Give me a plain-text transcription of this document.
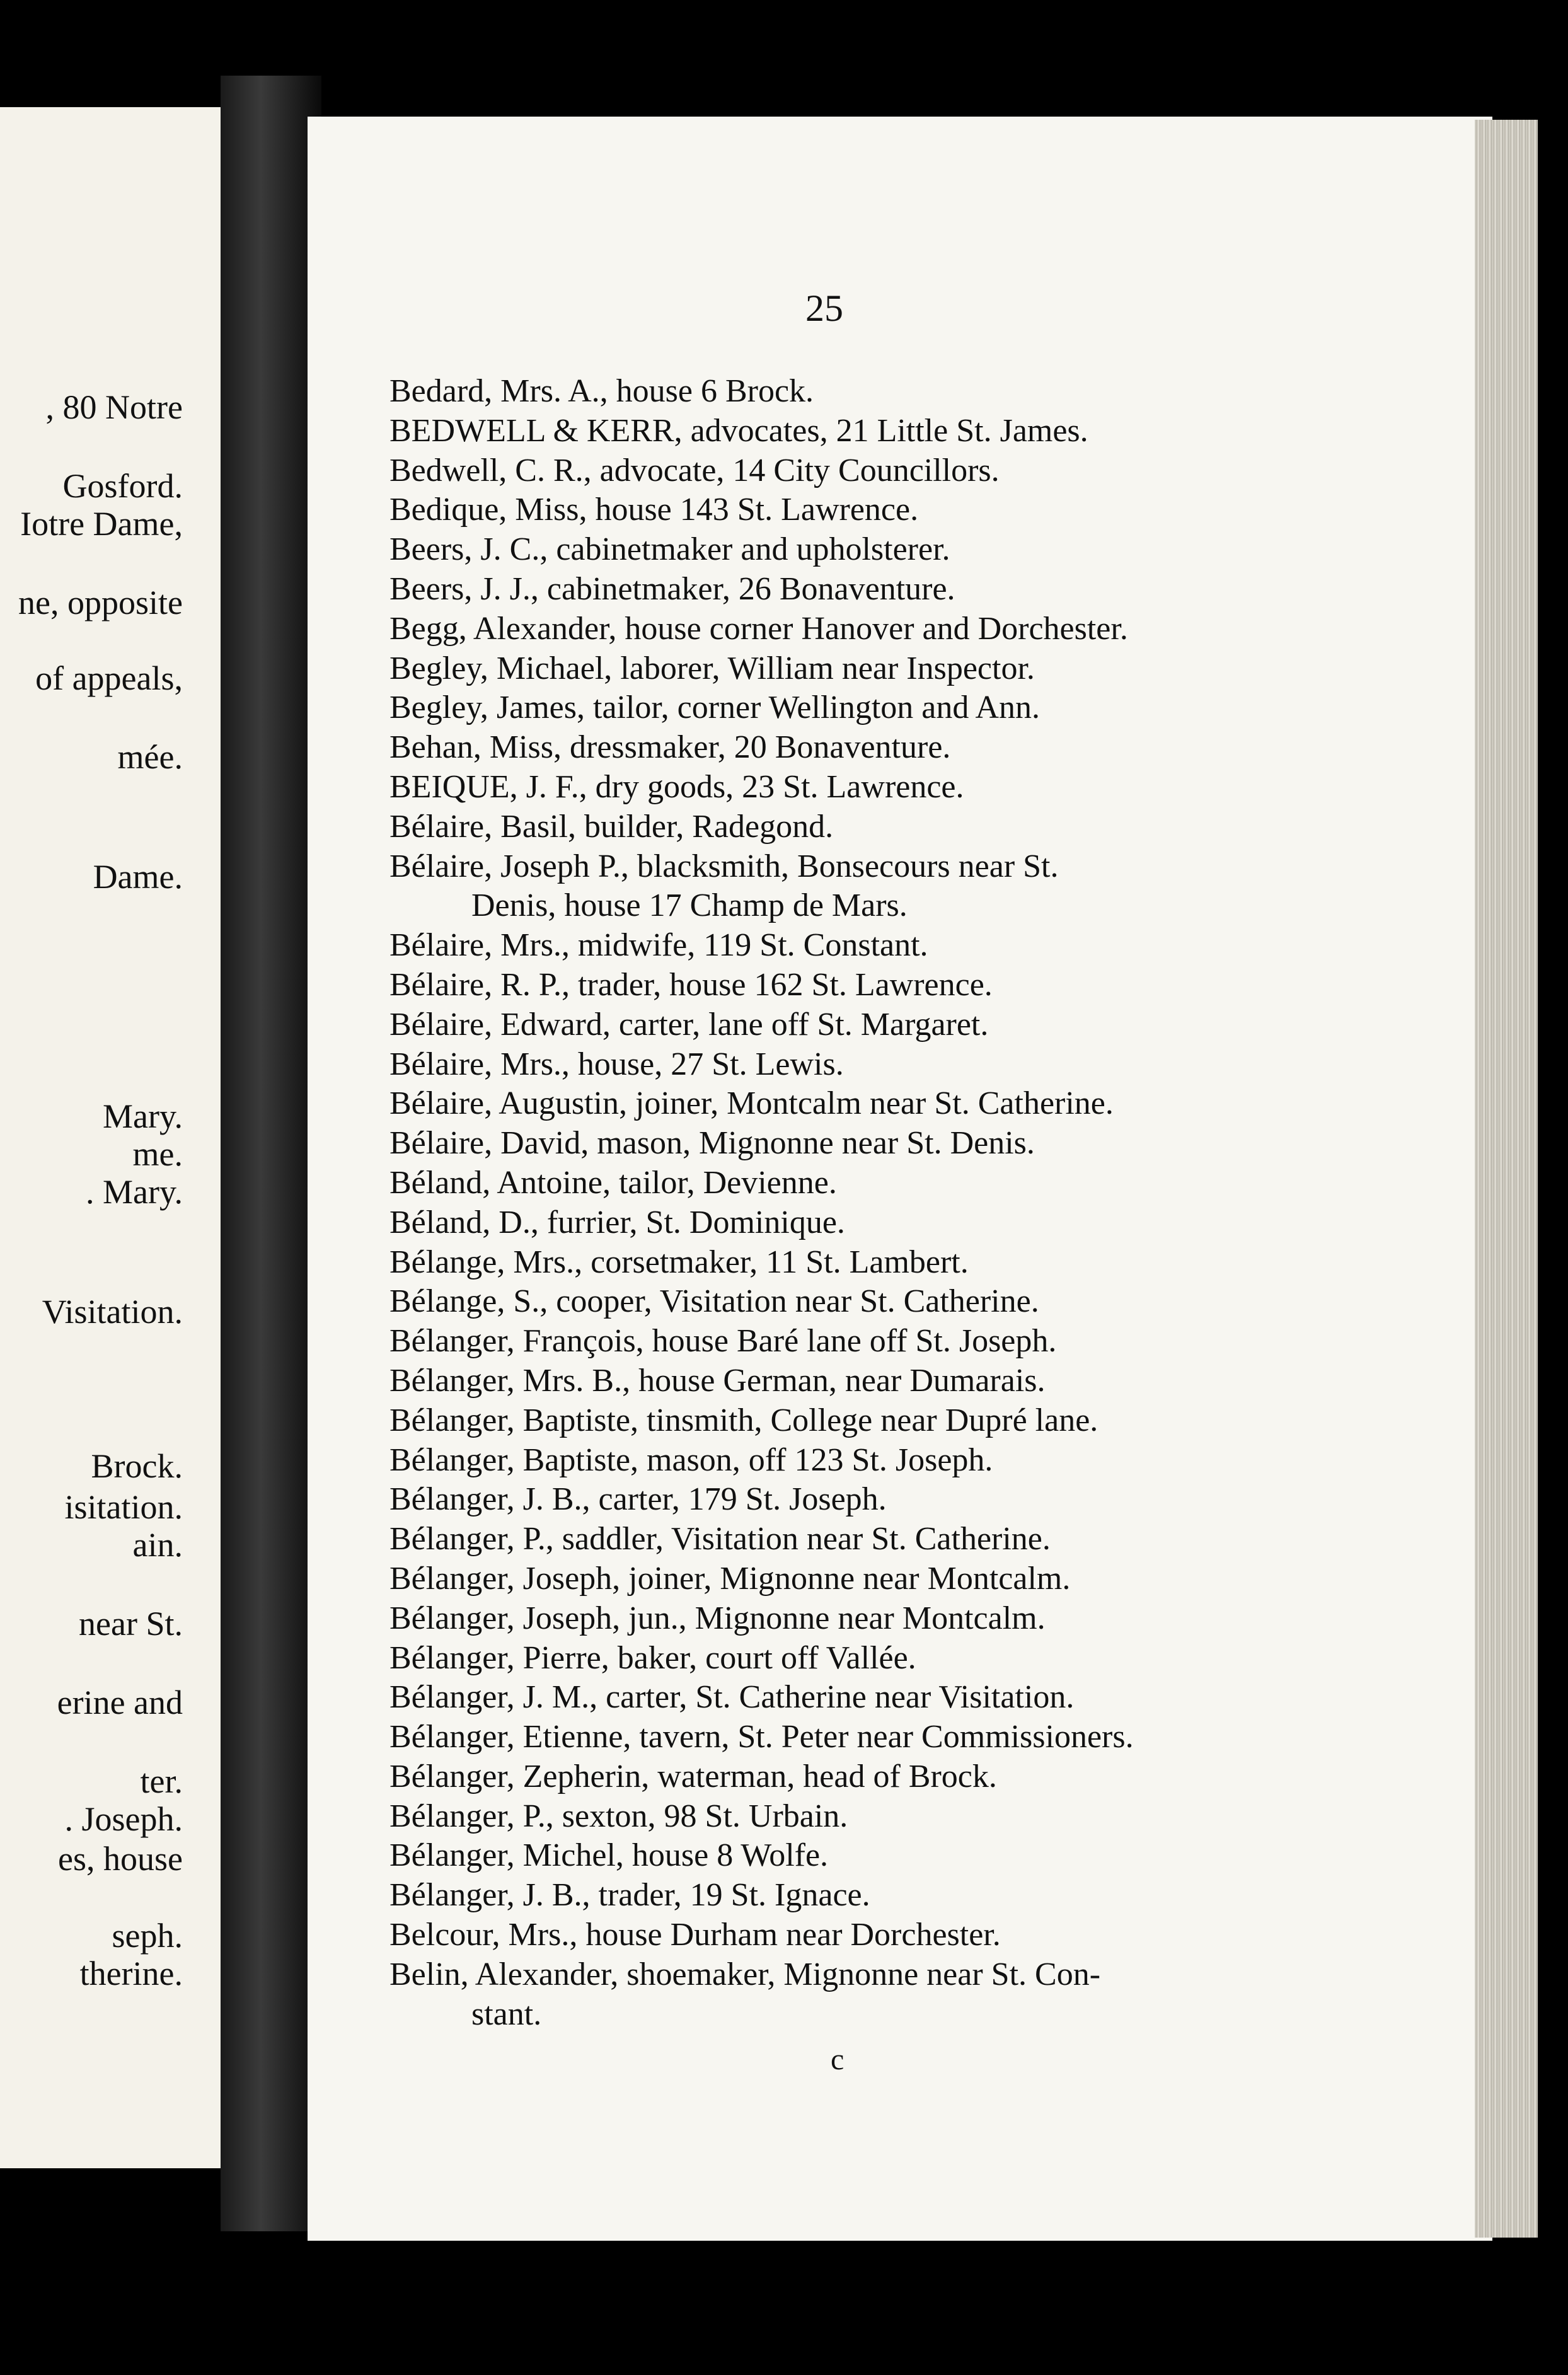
, 80 Notre
Gosford.
Iotre Dame,
ne, opposite
of appeals,
mée.
Dame.
Mary.
me.
. Mary.
Visitation.
Brock.
isitation.
ain.
near St.
erine and
ter.
. Joseph.
es, house
seph.
therine.
25
Bedard, Mrs. A., house 6 Brock.
BEDWELL & KERR, advocates, 21 Little St. James.
Bedwell, C. R., advocate, 14 City Councillors.
Bedique, Miss, house 143 St. Lawrence.
Beers, J. C., cabinetmaker and upholsterer.
Beers, J. J., cabinetmaker, 26 Bonaventure.
Begg, Alexander, house corner Hanover and Dorchester.
Begley, Michael, laborer, William near Inspector.
Begley, James, tailor, corner Wellington and Ann.
Behan, Miss, dressmaker, 20 Bonaventure.
BEIQUE, J. F., dry goods, 23 St. Lawrence.
Bélaire, Basil, builder, Radegond.
Bélaire, Joseph P., blacksmith, Bonsecours near St.
Denis, house 17 Champ de Mars.
Bélaire, Mrs., midwife, 119 St. Constant.
Bélaire, R. P., trader, house 162 St. Lawrence.
Bélaire, Edward, carter, lane off St. Margaret.
Bélaire, Mrs., house, 27 St. Lewis.
Bélaire, Augustin, joiner, Montcalm near St. Catherine.
Bélaire, David, mason, Mignonne near St. Denis.
Béland, Antoine, tailor, Devienne.
Béland, D., furrier, St. Dominique.
Bélange, Mrs., corsetmaker, 11 St. Lambert.
Bélange, S., cooper, Visitation near St. Catherine.
Bélanger, François, house Baré lane off St. Joseph.
Bélanger, Mrs. B., house German, near Dumarais.
Bélanger, Baptiste, tinsmith, College near Dupré lane.
Bélanger, Baptiste, mason, off 123 St. Joseph.
Bélanger, J. B., carter, 179 St. Joseph.
Bélanger, P., saddler, Visitation near St. Catherine.
Bélanger, Joseph, joiner, Mignonne near Montcalm.
Bélanger, Joseph, jun., Mignonne near Montcalm.
Bélanger, Pierre, baker, court off Vallée.
Bélanger, J. M., carter, St. Catherine near Visitation.
Bélanger, Etienne, tavern, St. Peter near Commissioners.
Bélanger, Zepherin, waterman, head of Brock.
Bélanger, P., sexton, 98 St. Urbain.
Bélanger, Michel, house 8 Wolfe.
Bélanger, J. B., trader, 19 St. Ignace.
Belcour, Mrs., house Durham near Dorchester.
Belin, Alexander, shoemaker, Mignonne near St. Con-
stant.
c
